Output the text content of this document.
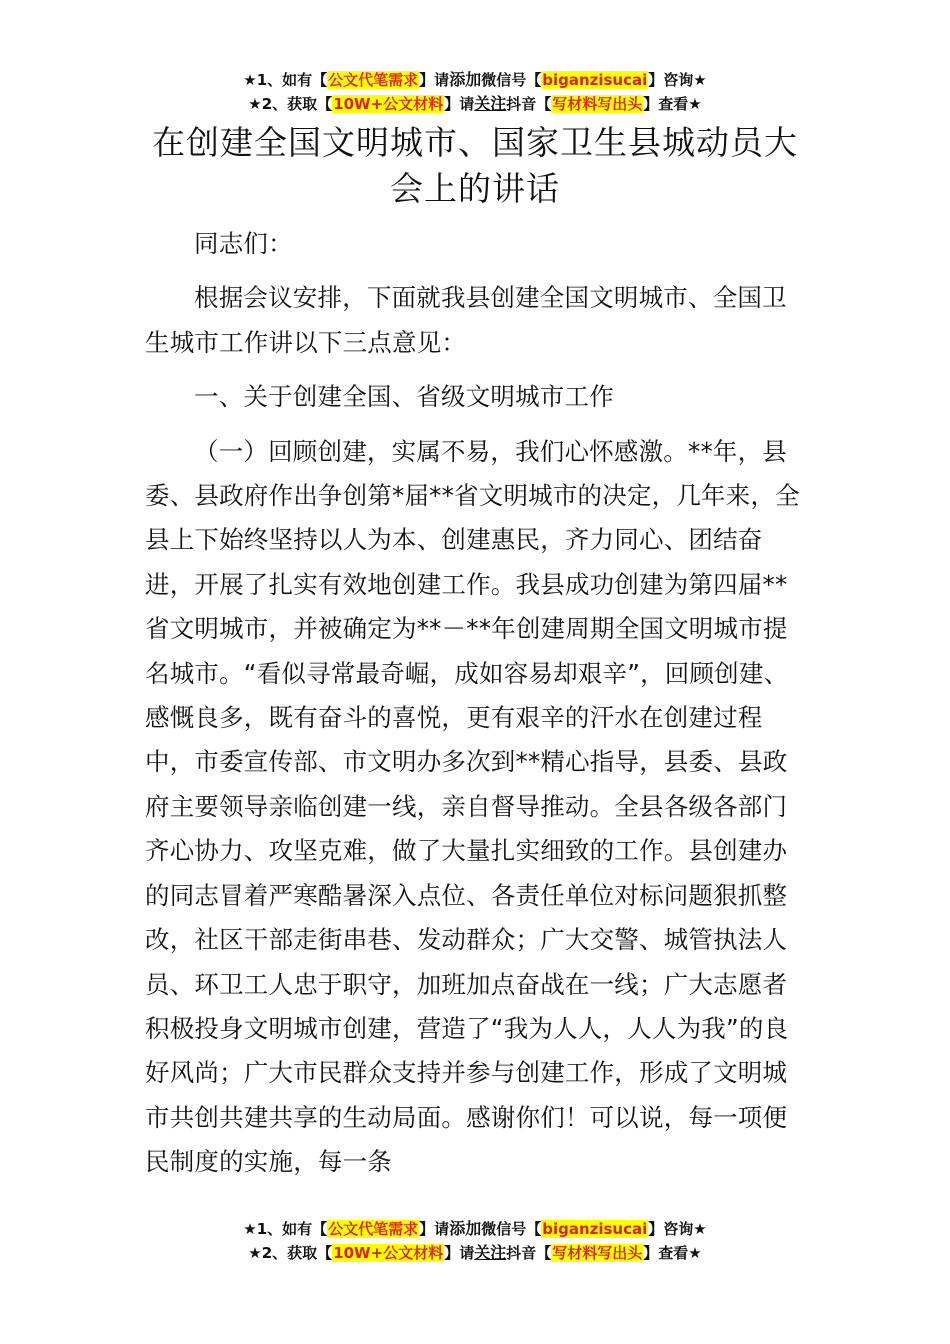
★1、如有【公文代笔需求】请添加微信号【biganzisucai】咨询★
★2、获取【10W+公文材料】请关注抖音【写材料写出头】查看★
在创建全国文明城市、国家卫生县城动员大会上的讲话

同志们：

根据会议安排，下面就我县创建全国文明城市、全国卫生城市工作讲以下三点意见：

一、关于创建全国、省级文明城市工作

（一）回顾创建，实属不易，我们心怀感激。**年，县委、县政府作出争创第*届**省文明城市的决定，几年来，全县上下始终坚持以人为本、创建惠民，齐力同心、团结奋进，开展了扎实有效地创建工作。我县成功创建为第四届**省文明城市，并被确定为**－**年创建周期全国文明城市提名城市。“看似寻常最奇崛，成如容易却艰辛”，回顾创建、感慨良多，既有奋斗的喜悦，更有艰辛的汗水在创建过程中，市委宣传部、市文明办多次到**精心指导，县委、县政府主要领导亲临创建一线，亲自督导推动。全县各级各部门齐心协力、攻坚克难，做了大量扎实细致的工作。县创建办的同志冒着严寒酷暑深入点位、各责任单位对标问题狠抓整改，社区干部走街串巷、发动群众；广大交警、城管执法人员、环卫工人忠于职守，加班加点奋战在一线；广大志愿者积极投身文明城市创建，营造了“我为人人，人人为我”的良好风尚；广大市民群众支持并参与创建工作，形成了文明城市共创共建共享的生动局面。感谢你们！可以说，每一项便民制度的实施，每一条

★1、如有【公文代笔需求】请添加微信号【biganzisucai】咨询★
★2、获取【10W+公文材料】请关注抖音【写材料写出头】查看★
